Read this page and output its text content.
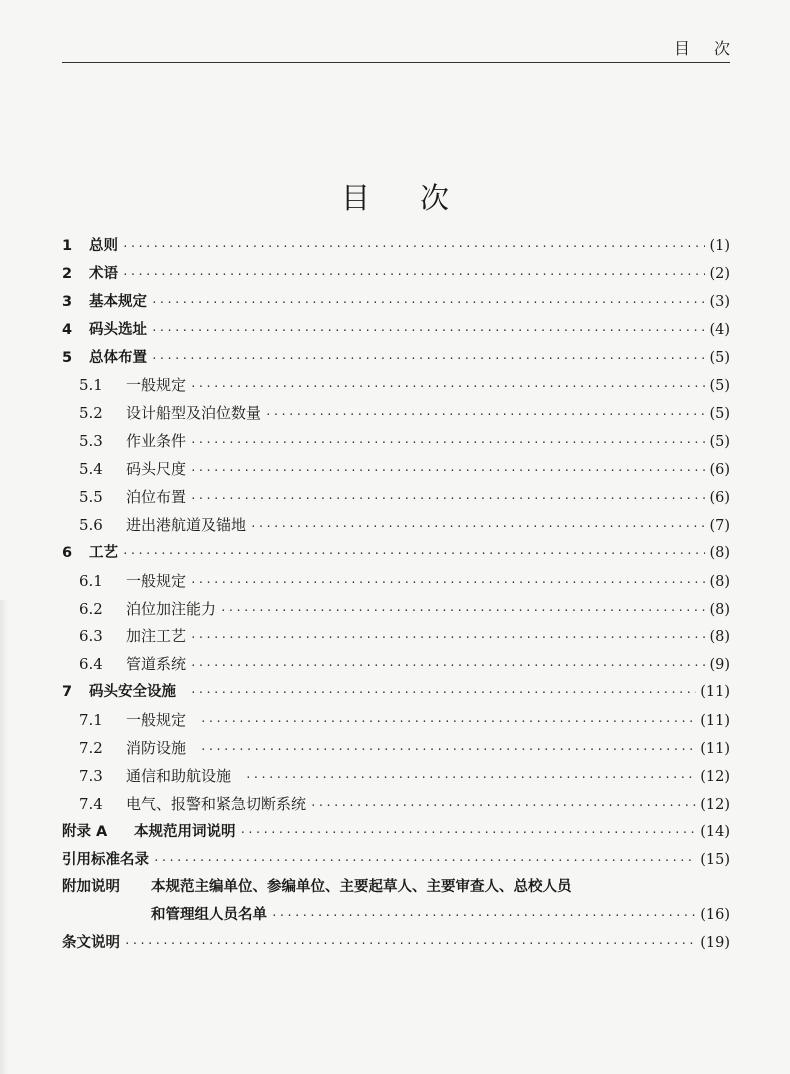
目次
目次
1	总则 ·····	(1)
2	术语 ·····	(2)
3	基本规定 ·····	(3)
4	码头选址 ·····	(4)
5	总体布置 ·····	(5)
5.1	一般规定 ·····	(5)
5.2	设计船型及泊位数量 ·····	(5)
5.3	作业条件 ·····	(5)
5.4	码头尺度 ·····	(6)
5.5	泊位布置 ·····	(6)
5.6	进出港航道及锚地 ·····	(7)
6	工艺 ·····	(8)
6.1	一般规定 ·····	(8)
6.2	泊位加注能力 ·····	(8)
6.3	加注工艺 ·····	(8)
6.4	管道系统 ·····	(9)
7	码头安全设施 ·····	(11)
7.1	一般规定 ·····	(11)
7.2	消防设施 ·····	(11)
7.3	通信和助航设施 ·····	(12)
7.4	电气、报警和紧急切断系统 ·····	(12)
附录 A	本规范用词说明 ·····	(14)
引用标准名录 ·····	(15)
附加说明	本规范主编单位、参编单位、主要起草人、主要审查人、总校人员
和管理组人员名单 ·····	(16)
条文说明 ·····	(19)
